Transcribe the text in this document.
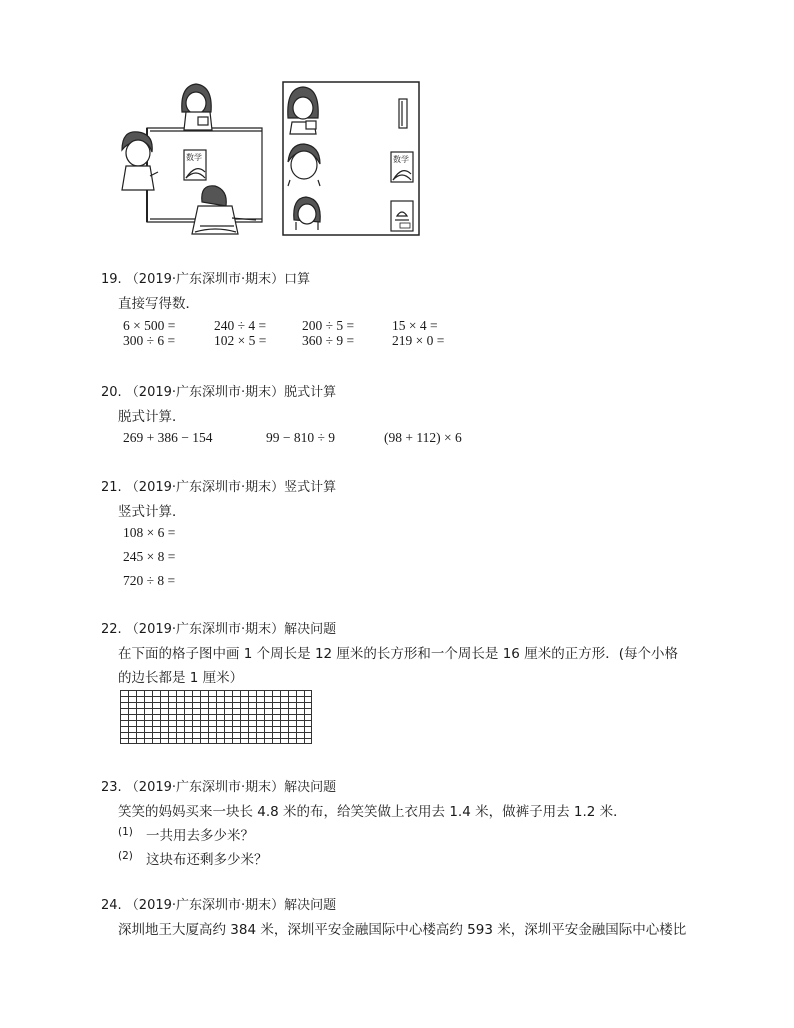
数学	数学
19. （2019·广东深圳市·期末）口算
直接写得数．
6 × 500 =	240 ÷ 4 =	200 ÷ 5 =	15 × 4 =
300 ÷ 6 =	102 × 5 =	360 ÷ 9 =	219 × 0 =
20. （2019·广东深圳市·期末）脱式计算
脱式计算．
269 + 386 − 154	99 − 810 ÷ 9	(98 + 112) × 6
21. （2019·广东深圳市·期末）竖式计算
竖式计算．
108 × 6 =
245 × 8 =
720 ÷ 8 =
22. （2019·广东深圳市·期末）解决问题
在下面的格子图中画 1 个周长是 12 厘米的长方形和一个周长是 16 厘米的正方形．(每个小格
的边长都是 1 厘米）
23. （2019·广东深圳市·期末）解决问题
笑笑的妈妈买来一块长 4.8 米的布，给笑笑做上衣用去 1.4 米，做裤子用去 1.2 米．
(1) 一共用去多少米？
(2) 这块布还剩多少米？
24. （2019·广东深圳市·期末）解决问题
深圳地王大厦高约 384 米，深圳平安金融国际中心楼高约 593 米，深圳平安金融国际中心楼比
